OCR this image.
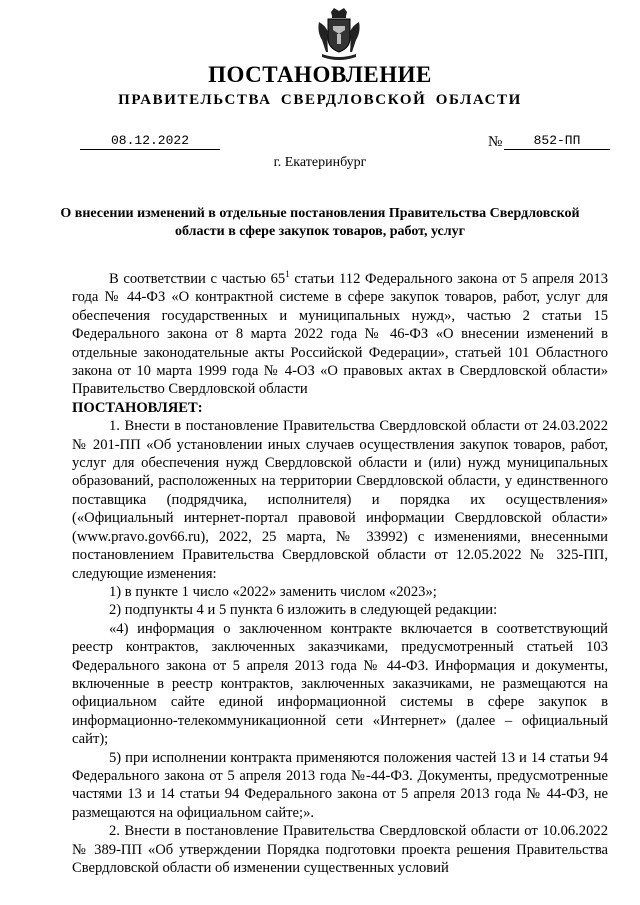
ПОСТАНОВЛЕНИЕ
ПРАВИТЕЛЬСТВА СВЕРДЛОВСКОЙ ОБЛАСТИ
08.12.2022	№	852-ПП
г. Екатеринбург
О внесении изменений в отдельные постановления Правительства Свердловской области в сфере закупок товаров, работ, услуг

В соответствии с частью $65^1$ статьи 112 Федерального закона от 5 апреля 2013 года № 44-ФЗ «О контрактной системе в сфере закупок товаров, работ, услуг для обеспечения государственных и муниципальных нужд», частью 2 статьи 15 Федерального закона от 8 марта 2022 года № 46-ФЗ «О внесении изменений в отдельные законодательные акты Российской Федерации», статьей 101 Областного закона от 10 марта 1999 года № 4-ОЗ «О правовых актах в Свердловской области» Правительство Свердловской области

ПОСТАНОВЛЯЕТ:

1. Внести в постановление Правительства Свердловской области от 24.03.2022 № 201-ПП «Об установлении иных случаев осуществления закупок товаров, работ, услуг для обеспечения нужд Свердловской области и (или) нужд муниципальных образований, расположенных на территории Свердловской области, у единственного поставщика (подрядчика, исполнителя) и порядка их осуществления» («Официальный интернет-портал правовой информации Свердловской области» (www.pravo.gov66.ru), 2022, 25 марта, № 33992) с изменениями, внесенными постановлением Правительства Свердловской области от 12.05.2022 № 325-ПП, следующие изменения:

1) в пункте 1 число «2022» заменить числом «2023»;

2) подпункты 4 и 5 пункта 6 изложить в следующей редакции:

«4) информация о заключенном контракте включается в соответствующий реестр контрактов, заключенных заказчиками, предусмотренный статьей 103 Федерального закона от 5 апреля 2013 года № 44-ФЗ. Информация и документы, включенные в реестр контрактов, заключенных заказчиками, не размещаются на официальном сайте единой информационной системы в сфере закупок в информационно-телекоммуникационной сети «Интернет» (далее – официальный сайт);

5) при исполнении контракта применяются положения частей 13 и 14 статьи 94 Федерального закона от 5 апреля 2013 года №-44-ФЗ. Документы, предусмотренные частями 13 и 14 статьи 94 Федерального закона от 5 апреля 2013 года № 44-ФЗ, не размещаются на официальном сайте;».

2. Внести в постановление Правительства Свердловской области от 10.06.2022 № 389-ПП «Об утверждении Порядка подготовки проекта решения Правительства Свердловской области об изменении существенных условий
